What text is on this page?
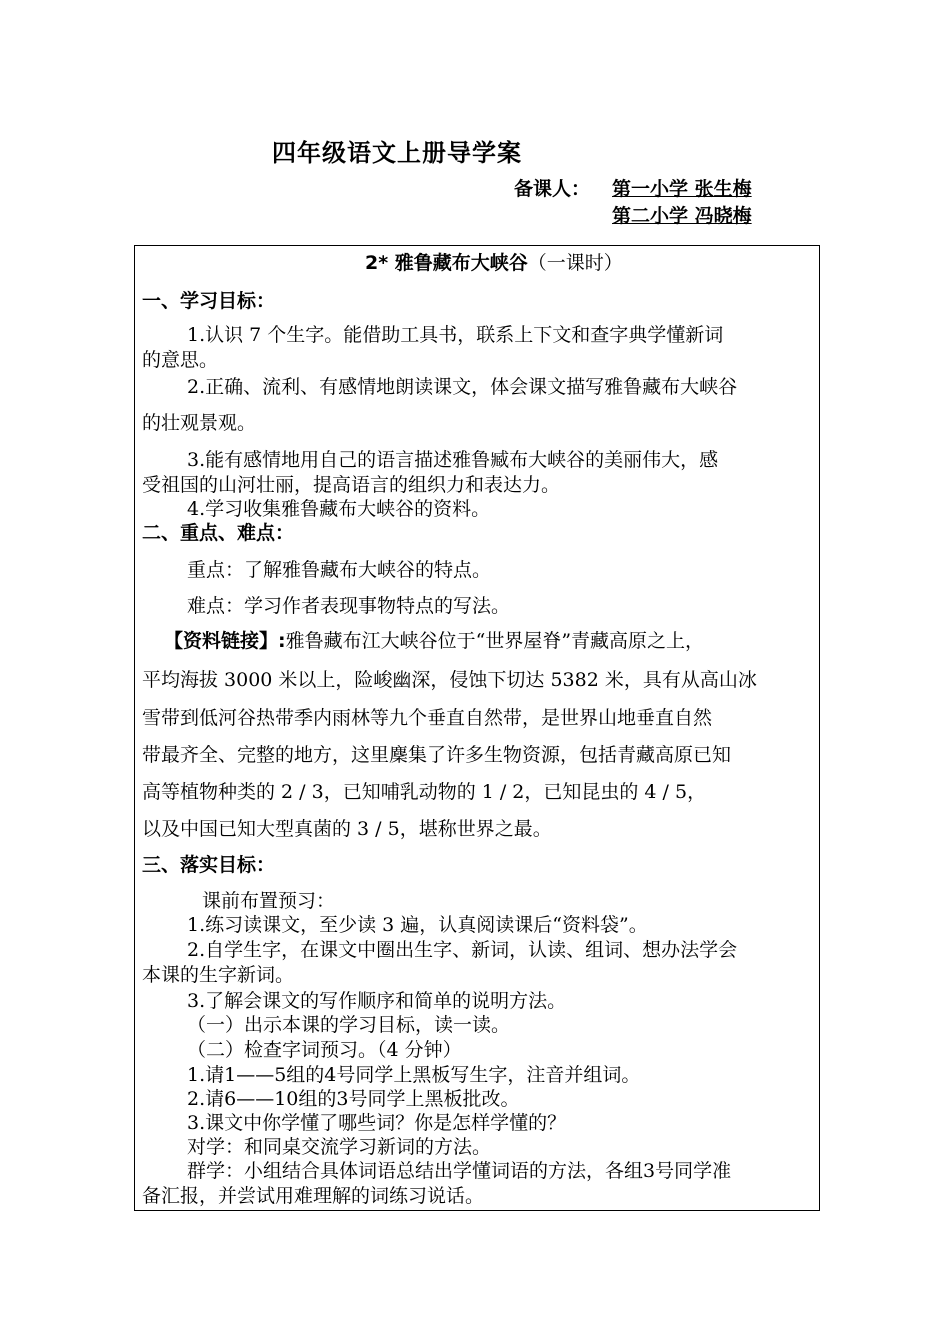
四年级语文上册导学案
备课人： 第一小学 张生梅
第二小学 冯晓梅
2* 雅鲁藏布大峡谷（一课时）
一、学习目标：
1.认识 7 个生字。能借助工具书，联系上下文和查字典学懂新词
的意思。
2.正确、流利、有感情地朗读课文，体会课文描写雅鲁藏布大峡谷
的壮观景观。
3.能有感情地用自己的语言描述雅鲁臧布大峡谷的美丽伟大，感
受祖国的山河壮丽，提高语言的组织力和表达力。
4.学习收集雅鲁藏布大峡谷的资料。
二、重点、难点：
重点：了解雅鲁藏布大峡谷的特点。
难点：学习作者表现事物特点的写法。
【资料链接】:雅鲁藏布江大峡谷位于“世界屋脊”青藏高原之上，
平均海拔 3000 米以上，险峻幽深，侵蚀下切达 5382 米，具有从高山冰
雪带到低河谷热带季内雨林等九个垂直自然带，是世界山地垂直自然
带最齐全、完整的地方，这里麇集了许多生物资源，包括青藏高原已知
高等植物种类的 2 / 3，已知哺乳动物的 1 / 2，已知昆虫的 4 / 5，
以及中国已知大型真菌的 3 / 5，堪称世界之最。
三、落实目标：
课前布置预习：
1.练习读课文，至少读 3 遍，认真阅读课后“资料袋”。
2.自学生字，在课文中圈出生字、新词，认读、组词、想办法学会
本课的生字新词。
3.了解会课文的写作顺序和简单的说明方法。
（一）出示本课的学习目标，读一读。
（二）检查字词预习。（4 分钟）
1.请1——5组的4号同学上黑板写生字，注音并组词。
2.请6——10组的3号同学上黑板批改。
3.课文中你学懂了哪些词？你是怎样学懂的？
对学：和同桌交流学习新词的方法。
群学：小组结合具体词语总结出学懂词语的方法，各组3号同学准
备汇报，并尝试用难理解的词练习说话。
